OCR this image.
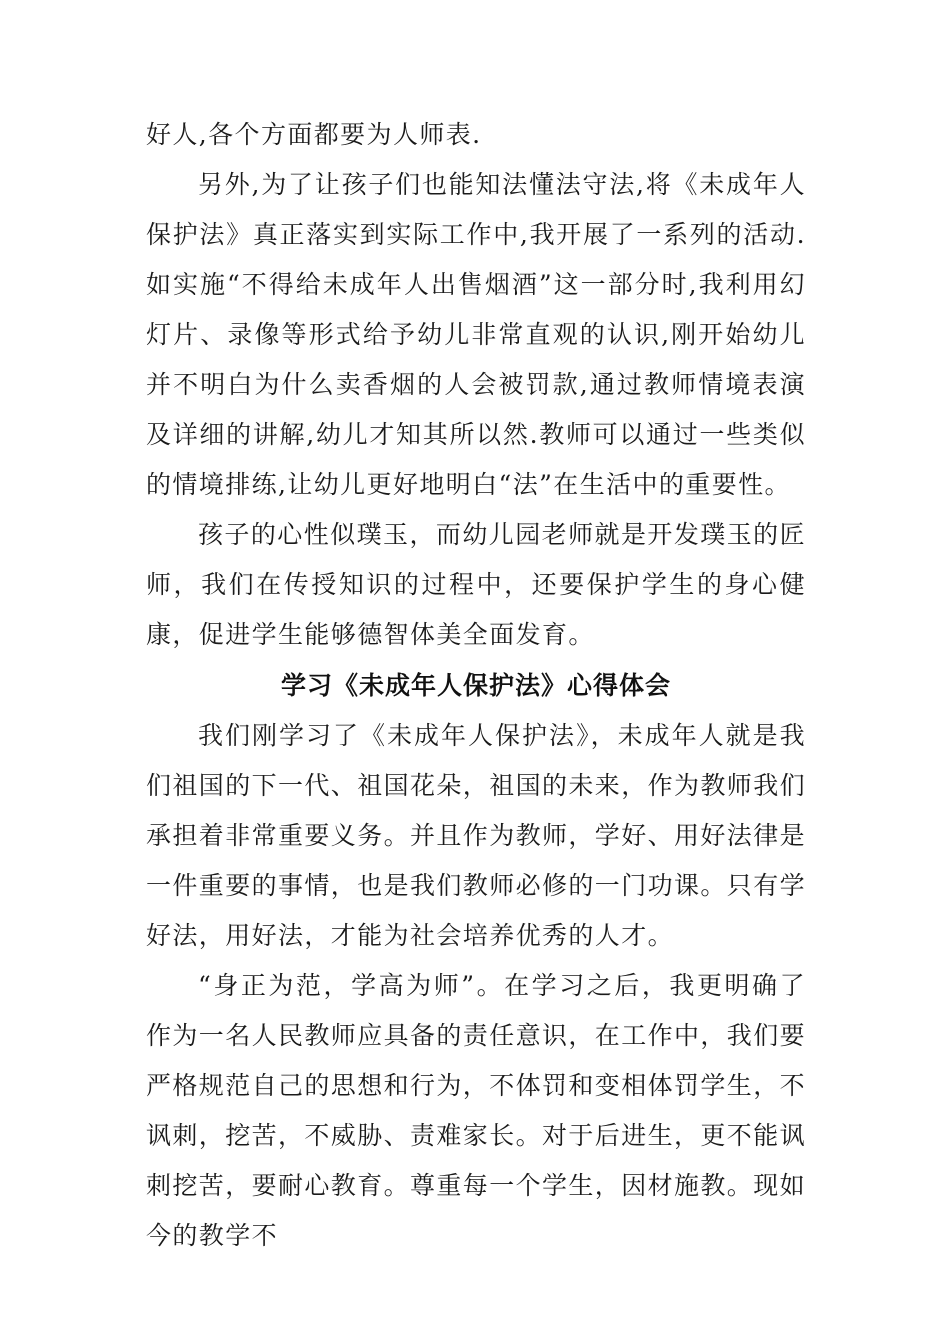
好人,各个方面都要为人师表.

另外,为了让孩子们也能知法懂法守法,将《未成年人保护法》真正落实到实际工作中,我开展了一系列的活动.如实施“不得给未成年人出售烟酒”这一部分时,我利用幻灯片、录像等形式给予幼儿非常直观的认识,刚开始幼儿并不明白为什么卖香烟的人会被罚款,通过教师情境表演及详细的讲解,幼儿才知其所以然.教师可以通过一些类似的情境排练,让幼儿更好地明白“法”在生活中的重要性。

孩子的心性似璞玉，而幼儿园老师就是开发璞玉的匠师，我们在传授知识的过程中，还要保护学生的身心健康，促进学生能够德智体美全面发育。

学习《未成年人保护法》心得体会

我们刚学习了《未成年人保护法》，未成年人就是我们祖国的下一代、祖国花朵，祖国的未来，作为教师我们承担着非常重要义务。并且作为教师，学好、用好法律是一件重要的事情，也是我们教师必修的一门功课。只有学好法，用好法，才能为社会培养优秀的人才。

“身正为范，学高为师”。在学习之后，我更明确了作为一名人民教师应具备的责任意识，在工作中，我们要严格规范自己的思想和行为，不体罚和变相体罚学生，不讽刺，挖苦，不威胁、责难家长。对于后进生，更不能讽刺挖苦，要耐心教育。尊重每一个学生，因材施教。现如今的教学不
